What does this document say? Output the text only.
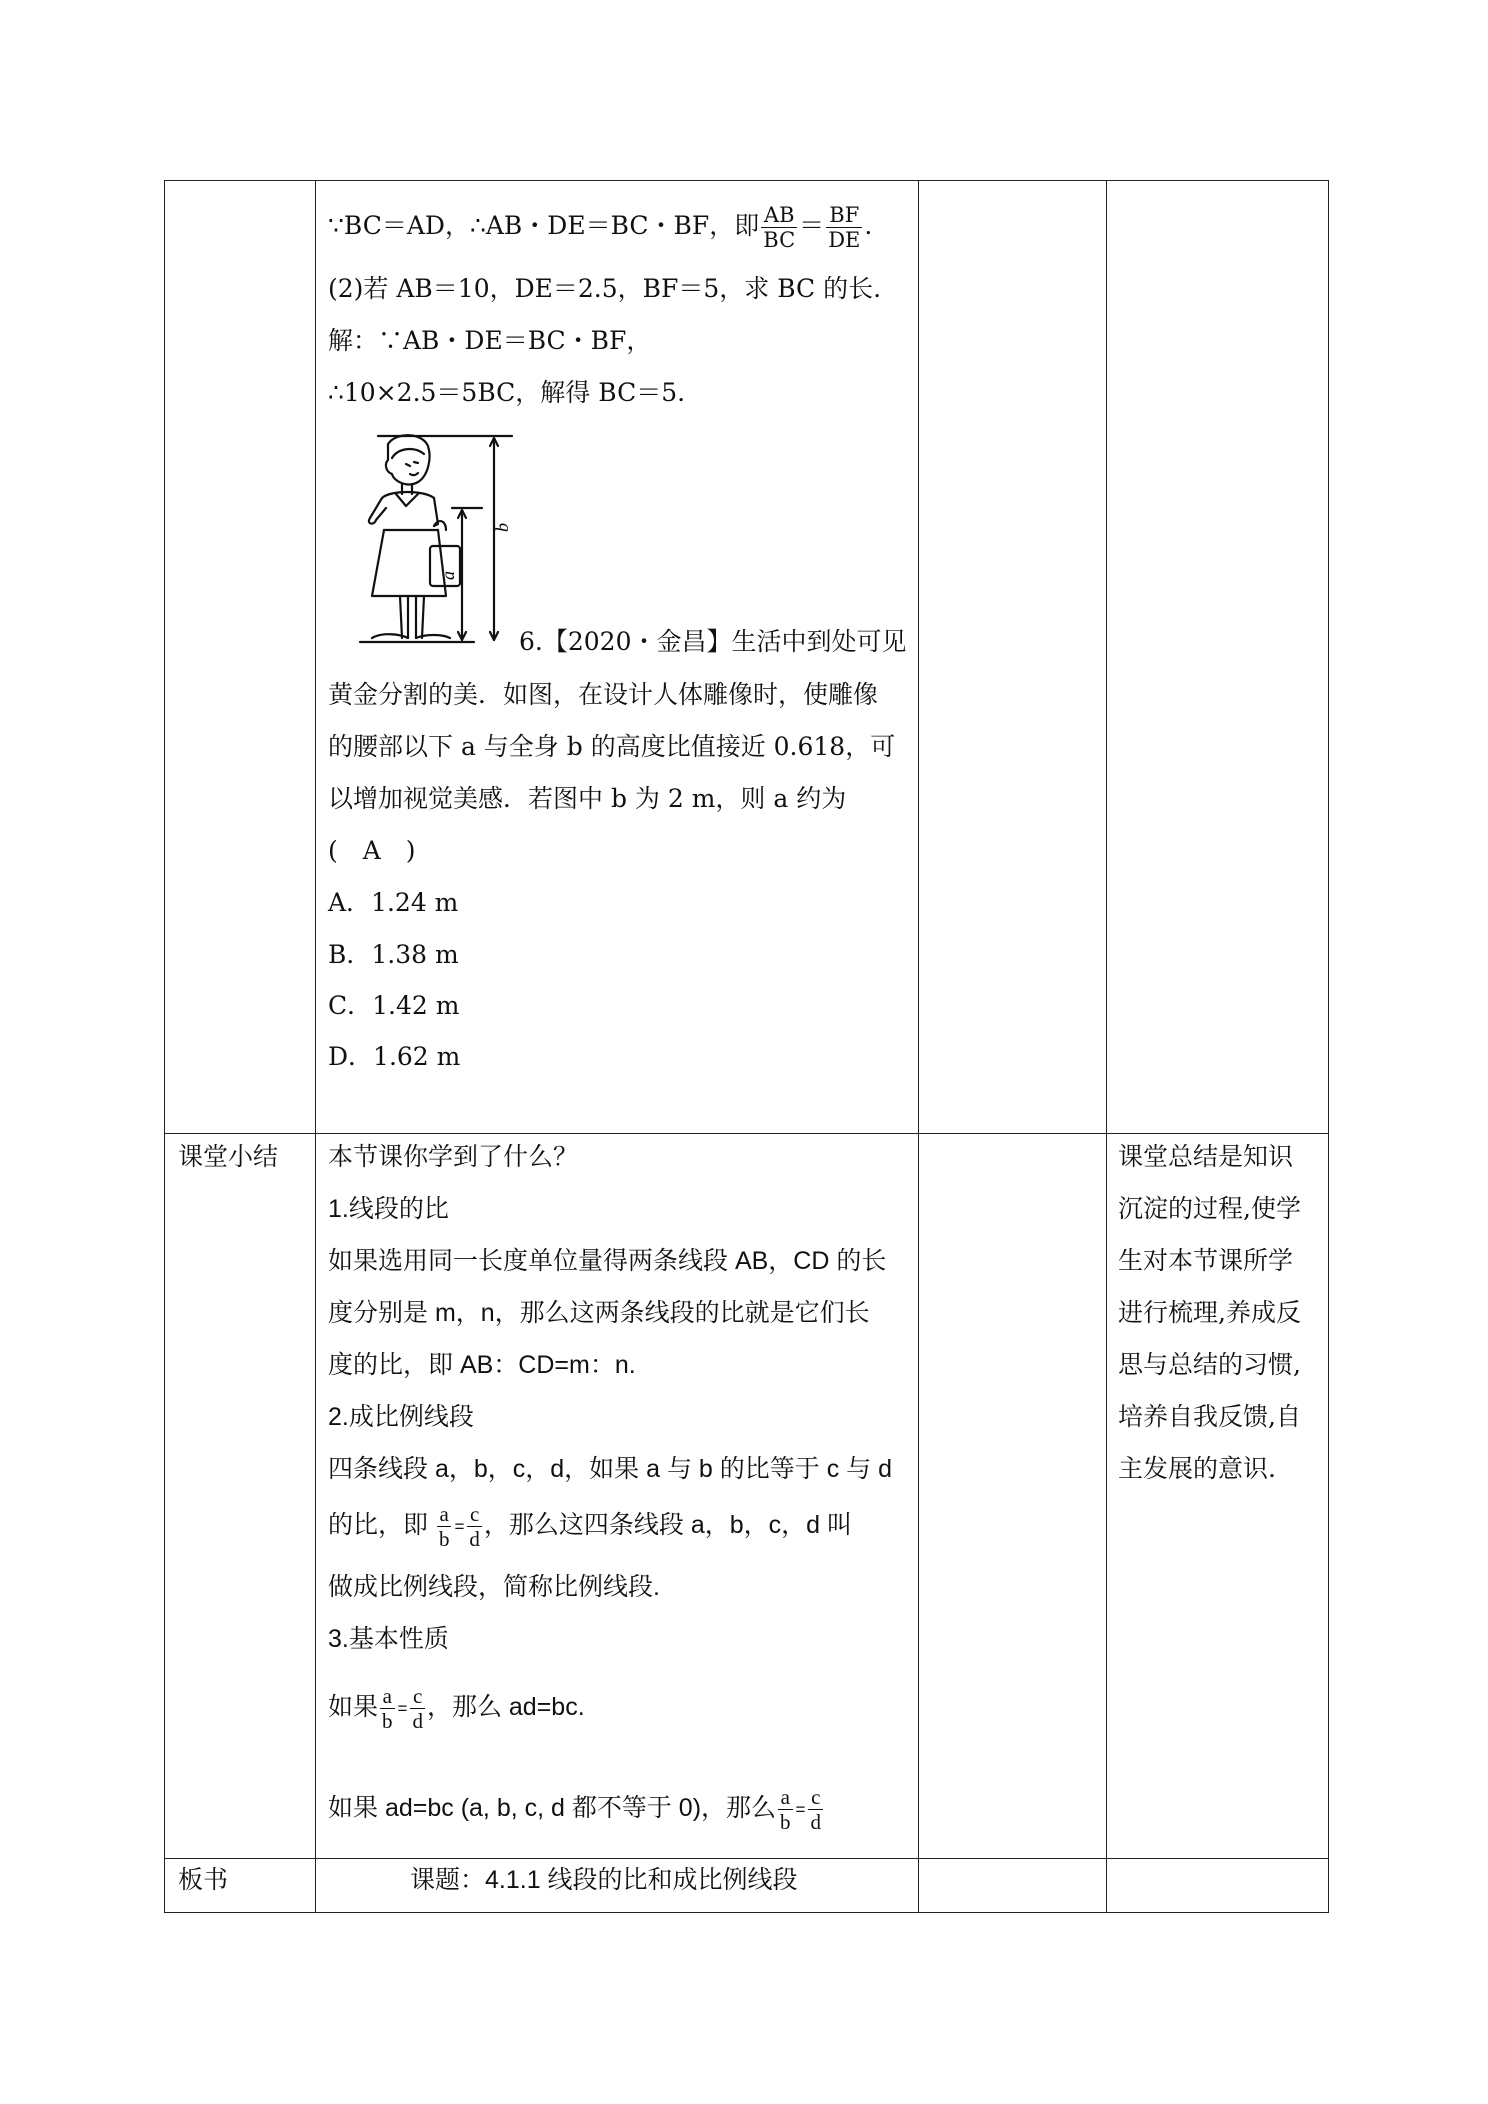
∵BC＝AD，∴AB・DE＝BC・BF，即 $\frac{AB}{BC} = \frac{BF}{DE}$ .
(2)若 AB＝10，DE＝2.5，BF＝5，求 BC 的长.
解：∵AB・DE＝BC・BF，
∴10×2.5＝5BC，解得 BC＝5.
a
b
6.【2020・金昌】生活中到处可见
黄金分割的美．如图，在设计人体雕像时，使雕像
的腰部以下 a 与全身 b 的高度比值接近 0.618，可
以增加视觉美感．若图中 b 为 2 m，则 a 约为
(　A　)
A．1.24 m
B．1.38 m
C．1.42 m
D．1.62 m
课堂小结 本节课你学到了什么？
1.线段的比
如果选用同一长度单位量得两条线段 AB，CD 的长
度分别是 m，n，那么这两条线段的比就是它们长
度的比，即 AB：CD=m：n.
2.成比例线段
四条线段 a，b，c，d，如果 a 与 b 的比等于 c 与 d
的比，即 $\frac{a}{b} = \frac{c}{d}$ ，那么这四条线段 a，b，c，d 叫
做成比例线段，简称比例线段.
3.基本性质
如果 $\frac{a}{b} = \frac{c}{d}$ ，那么 ad=bc.
如果 ad=bc (a, b, c, d 都不等于 0)，那么 $\frac{a}{b} = \frac{c}{d}$
课堂总结是知识
沉淀的过程,使学
生对本节课所学
进行梳理,养成反
思与总结的习惯,
培养自我反馈,自
主发展的意识.
板书	课题：4.1.1 线段的比和成比例线段
